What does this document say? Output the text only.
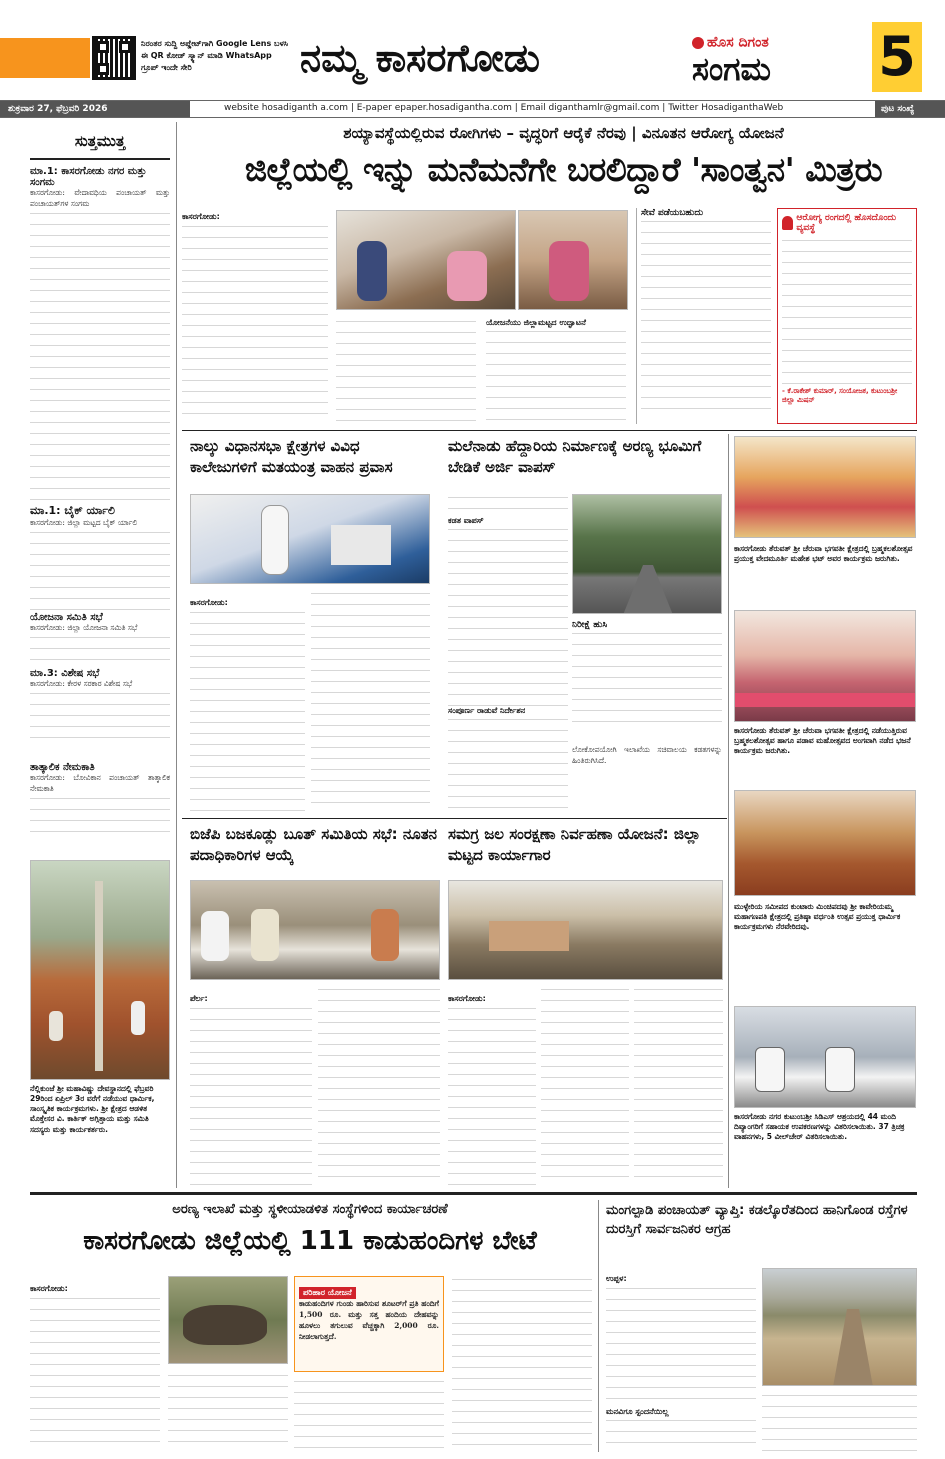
ನಿರಂತರ ಸುದ್ದಿ ಅಪ್ಡೇಟ್‌ಗಾಗಿ Google Lens ಬಳಸಿ ಈ QR ಕೋಡ್ ಸ್ಕ್ಯಾನ್ ಮಾಡಿ WhatsApp ಗ್ರೂಪ್ ಇಂದೇ ಸೇರಿ	ನಮ್ಮ ಕಾಸರಗೋಡು	ಹೊಸ ದಿಗಂತ
ಸಂಗಮ	5
ಶುಕ್ರವಾರ 27, ಫೆಬ್ರವರಿ 2026	website hosadiganth a.com | E-paper epaper.hosadigantha.com | Email diganthamlr@gmail.com | Twitter HosadiganthaWeb	ಪುಟ ಸಂಖ್ಯೆ
ಸುತ್ತಮುತ್ತ
ಮಾ.1: ಕಾಸರಗೋಡು ನಗರ ಮತ್ತು ಸಂಗಮ
ಕಾಸರಗೋಡು: ವೇದಾವಧಿಯ ಪಂಚಾಯತ್ ಮತ್ತು ಪಂಚಾಯತ್‌ಗಳ ಸಂಗಮ
ಮಾ.1: ಬೈಕ್ ರ್ಯಾಲಿ
ಕಾಸರಗೋಡು: ಜಿಲ್ಲಾ ಮಟ್ಟದ ಬೈಕ್ ರ್ಯಾಲಿ
ಯೋಜನಾ ಸಮಿತಿ ಸಭೆ
ಕಾಸರಗೋಡು: ಜಿಲ್ಲಾ ಯೋಜನಾ ಸಮಿತಿ ಸಭೆ
ಮಾ.3: ವಿಶೇಷ ಸಭೆ
ಕಾಸರಗೋಡು: ಕೇರಳ ಸರಕಾರ ವಿಶೇಷ ಸಭೆ
ತಾತ್ಕಾಲಿಕ ನೇಮಕಾತಿ
ಕಾಸರಗೋಡು: ಬೋವಿಕಾನ ಪಂಚಾಯತ್ ತಾತ್ಕಾಲಿಕ ನೇಮಕಾತಿ
ನೆಲ್ಲಿಕುಂಜೆ ಶ್ರೀ ಮಹಾವಿಷ್ಣು ದೇವಸ್ಥಾನದಲ್ಲಿ ಫೆಬ್ರವರಿ 29ರಿಂದ ಏಪ್ರಿಲ್ 3ರ ವರೆಗೆ ನಡೆಯುವ ಧಾರ್ಮಿಕ, ಸಾಂಸ್ಕೃತಿಕ ಕಾರ್ಯಕ್ರಮಗಳು. ಶ್ರೀ ಕ್ಷೇತ್ರದ ಆಡಳಿತ ಮೊಕ್ತೇಸರ ವಿ. ಕಾರ್ತಿಕ್ ಅಗ್ಗಿತ್ತಾಯ ಮತ್ತು ಸಮಿತಿ ಸದಸ್ಯರು ಮತ್ತು ಕಾರ್ಯಕರ್ತರು.
ಶಯ್ಯಾವಸ್ಥೆಯಲ್ಲಿರುವ ರೋಗಿಗಳು – ವೃದ್ಧರಿಗೆ ಆರೈಕೆ ನೆರವು | ವಿನೂತನ ಆರೋಗ್ಯ ಯೋಜನೆ
ಜಿಲ್ಲೆಯಲ್ಲಿ ಇನ್ನು ಮನೆಮನೆಗೇ ಬರಲಿದ್ದಾರೆ 'ಸಾಂತ್ವನ' ಮಿತ್ರರು
ಕಾಸರಗೋಡು:
ಯೋಜನೆಯು ಜಿಲ್ಲಾಮಟ್ಟದ ಉದ್ಘಾಟನೆ
ಸೇವೆ ಪಡೆಯಬಹುದು	ಆರೋಗ್ಯ ರಂಗದಲ್ಲಿ ಹೊಸದೊಂದು ವ್ಯವಸ್ಥೆ
- ಕೆ.ರಾಕೇಶ್ ಕುಮಾರ್, ಸಂಯೋಜಕ, ಕುಟುಂಬಶ್ರೀ ಜಿಲ್ಲಾ ಮಿಷನ್
ನಾಲ್ಕು ವಿಧಾನಸಭಾ ಕ್ಷೇತ್ರಗಳ ವಿವಿಧ ಕಾಲೇಜುಗಳಿಗೆ ಮತಯಂತ್ರ ವಾಹನ ಪ್ರವಾಸ
ಕಾಸರಗೋಡು:
ಮಲೆನಾಡು ಹೆದ್ದಾರಿಯ ನಿರ್ಮಾಣಕ್ಕೆ ಅರಣ್ಯ ಭೂಮಿಗೆ ಬೇಡಿಕೆ ಅರ್ಜಿ ವಾಪಸ್
ಕಡತ ವಾಪಸ್
ಸಂಪೂರ್ಣ ರಾಡುವೆ ನಿರ್ದೇಶನ
ನಿರೀಕ್ಷೆ ಹುಸಿ
ಲೋಕೋಪಯೋಗಿ ಇಲಾಖೆಯ ಸಚಿವಾಲಯ ಕಡತಗಳನ್ನು ಹಿಂತಿರುಗಿಸಿದೆ.
ಕಾಸರಗೋಡು ತೆರುವತ್ ಶ್ರೀ ಚೆರುವಾ ಭಗವತೀ ಕ್ಷೇತ್ರದಲ್ಲಿ ಬ್ರಹ್ಮಕಲಶೋತ್ಸವ ಪ್ರಯುಕ್ತ ವೇದಮೂರ್ತಿ ಮಹೇಶ ಭಟ್ ಅವರ ಕಾರ್ಯಕ್ರಮ ಜರುಗಿತು.
ಕಾಸರಗೋಡು ತೆರುವತ್ ಶ್ರೀ ಚೆರುವಾ ಭಗವತೀ ಕ್ಷೇತ್ರದಲ್ಲಿ ನಡೆಯುತ್ತಿರುವ ಬ್ರಹ್ಮಕಲಶೋತ್ಸವ ಹಾಗೂ ಪಡಾವ ಮಹೋತ್ಸವದ ಅಂಗವಾಗಿ ನಡೆದ ಭಜನೆ ಕಾರ್ಯಕ್ರಮ ಜರುಗಿತು.
ಮುಳ್ಳೇರಿಯ ಸಮೀಪದ ಕುಂಟಾರು ಮಿಂಚಿಪದವು ಶ್ರೀ ಕಾವೇರಿಯಮ್ಮ ಮಹಾಗಣಪತಿ ಕ್ಷೇತ್ರದಲ್ಲಿ ಪ್ರತಿಷ್ಠಾ ವರ್ಧಂತಿ ಉತ್ಸವ ಪ್ರಯುಕ್ತ ಧಾರ್ಮಿಕ ಕಾರ್ಯಕ್ರಮಗಳು ನೆರವೇರಿದವು.
ಕಾಸರಗೋಡು ನಗರ ಕುಟುಂಬಶ್ರೀ ಸಿಡಿಎಸ್ ಆಶ್ರಯದಲ್ಲಿ 44 ಮಂದಿ ದಿವ್ಯಾಂಗರಿಗೆ ಸಹಾಯಕ ಉಪಕರಣಗಳನ್ನು ವಿತರಿಸಲಾಯಿತು. 37 ತ್ರಿಚಕ್ರ ವಾಹನಗಳು, 5 ವೀಲ್‌ಚೇರ್ ವಿತರಿಸಲಾಯಿತು.
ಬಿಜೆಪಿ ಬಜಕೂಡ್ಲು ಬೂತ್ ಸಮಿತಿಯ ಸಭೆ: ನೂತನ ಪದಾಧಿಕಾರಿಗಳ ಆಯ್ಕೆ
ಪೆರ್ಲ:
ಸಮಗ್ರ ಜಲ ಸಂರಕ್ಷಣಾ ನಿರ್ವಹಣಾ ಯೋಜನೆ: ಜಿಲ್ಲಾ ಮಟ್ಟದ ಕಾರ್ಯಾಗಾರ
ಕಾಸರಗೋಡು:
ಅರಣ್ಯ ಇಲಾಖೆ ಮತ್ತು ಸ್ಥಳೀಯಾಡಳಿತ ಸಂಸ್ಥೆಗಳಿಂದ ಕಾರ್ಯಾಚರಣೆ
ಕಾಸರಗೋಡು ಜಿಲ್ಲೆಯಲ್ಲಿ 111 ಕಾಡುಹಂದಿಗಳ ಬೇಟೆ
ಕಾಸರಗೋಡು:	ಪರಿಹಾರ ಯೋಜನೆ
ಕಾಡುಹಂದಿಗಳ ಗುಂಡು ಹಾರಿಸುವ ಶೂಟರ್‌ಗೆ ಪ್ರತಿ ಹಂದಿಗೆ 1,500 ರೂ. ಮತ್ತು ಸತ್ತ ಹಂದಿಯ ದೇಹವನ್ನು ಹೂಳಲು ತಗುಲುವ ವೆಚ್ಚಕ್ಕಾಗಿ 2,000 ರೂ. ನೀಡಲಾಗುತ್ತದೆ.
ಮಂಗಲ್ಪಾಡಿ ಪಂಚಾಯತ್ ವ್ಯಾಪ್ತಿ: ಕಡಲ್ಕೊರೆತದಿಂದ ಹಾನಿಗೊಂಡ ರಸ್ತೆಗಳ ದುರಸ್ತಿಗೆ ಸಾರ್ವಜನಿಕರ ಆಗ್ರಹ
ಉಪ್ಪಳ:
ಮನವಿಗೂ ಸ್ಪಂದನೆಯಿಲ್ಲ
